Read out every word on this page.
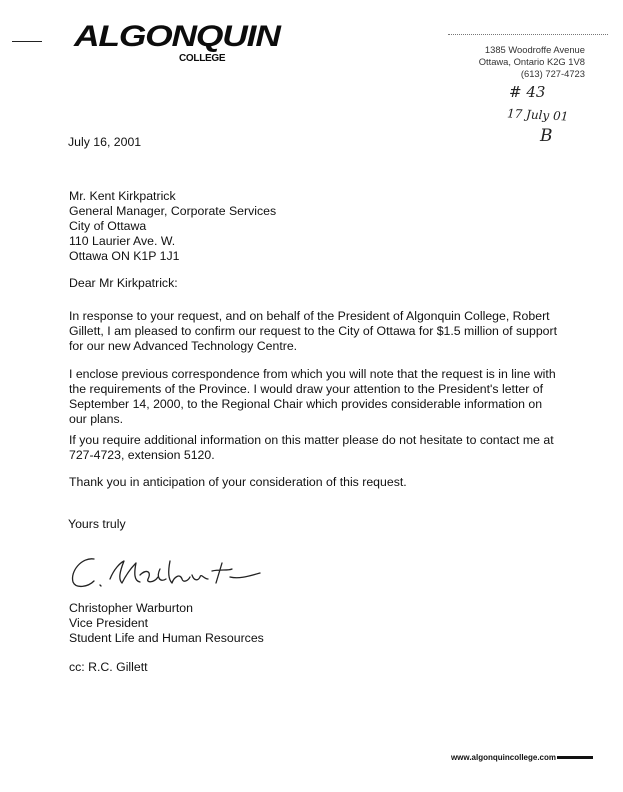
ALGONQUIN
COLLEGE
1385 Woodroffe Avenue
Ottawa, Ontario K2G 1V8
(613) 727-4723
# 43
17 July 01
B
July 16, 2001
Mr. Kent Kirkpatrick
General Manager, Corporate Services
City of Ottawa
110 Laurier Ave. W.
Ottawa ON K1P 1J1
Dear Mr Kirkpatrick:
In response to your request, and on behalf of the President of Algonquin College, Robert
Gillett, I am pleased to confirm our request to the City of Ottawa for $1.5 million of support
for our new Advanced Technology Centre.
I enclose previous correspondence from which you will note that the request is in line with
the requirements of the Province. I would draw your attention to the President's letter of
September 14, 2000, to the Regional Chair which provides considerable information on
our plans.
If you require additional information on this matter please do not hesitate to contact me at
727-4723, extension 5120.
Thank you in anticipation of your consideration of this request.
Yours truly
Christopher Warburton
Vice President
Student Life and Human Resources
cc: R.C. Gillett
www.algonquincollege.com
